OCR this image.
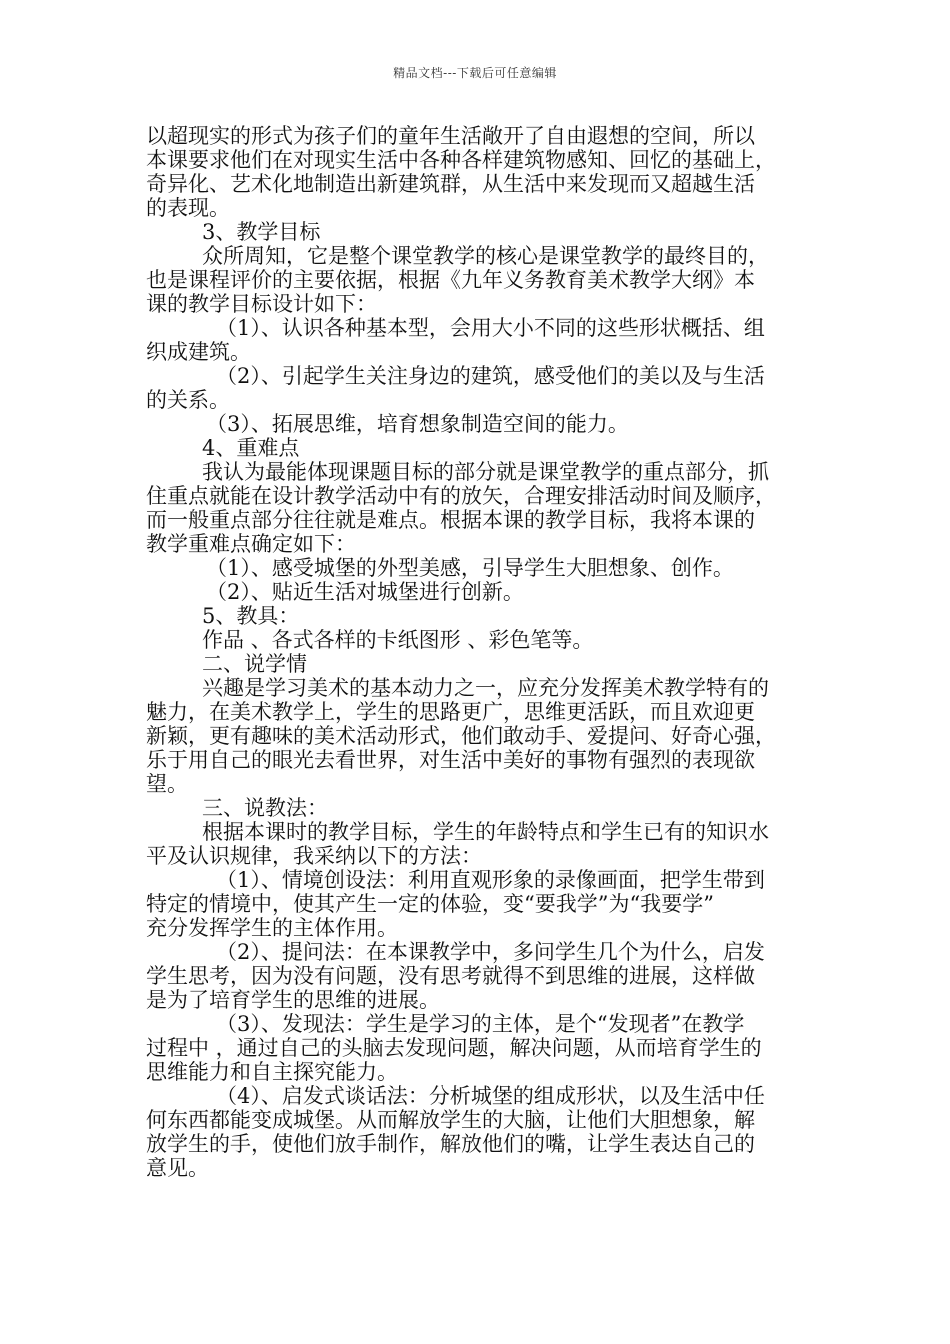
精品文档---下载后可任意编辑

以超现实的形式为孩子们的童年生活敞开了自由遐想的空间，所以

本课要求他们在对现实生活中各种各样建筑物感知、回忆的基础上，

奇异化、艺术化地制造出新建筑群，从生活中来发现而又超越生活

的表现。

3、教学目标

众所周知，它是整个课堂教学的核心是课堂教学的最终目的，

也是课程评价的主要依据，根据《九年义务教育美术教学大纲》本

课的教学目标设计如下：

（1）、认识各种基本型，会用大小不同的这些形状概括、组

织成建筑。

（2）、引起学生关注身边的建筑，感受他们的美以及与生活

的关系。

（3）、拓展思维，培育想象制造空间的能力。

4、重难点

我认为最能体现课题目标的部分就是课堂教学的重点部分，抓

住重点就能在设计教学活动中有的放矢，合理安排活动时间及顺序，

而一般重点部分往往就是难点。根据本课的教学目标，我将本课的

教学重难点确定如下：

（1）、感受城堡的外型美感，引导学生大胆想象、创作。

（2）、贴近生活对城堡进行创新。

5、教具：

作品 、各式各样的卡纸图形 、彩色笔等。

二、说学情

兴趣是学习美术的基本动力之一，应充分发挥美术教学特有的

魅力，在美术教学上，学生的思路更广，思维更活跃，而且欢迎更

新颖，更有趣味的美术活动形式，他们敢动手、爱提问、好奇心强，

乐于用自己的眼光去看世界，对生活中美好的事物有强烈的表现欲

望。

三、说教法：

根据本课时的教学目标，学生的年龄特点和学生已有的知识水

平及认识规律，我采纳以下的方法：

（1）、情境创设法：利用直观形象的录像画面，把学生带到

特定的情境中，使其产生一定的体验，变“要我学”为“我要学”

充分发挥学生的主体作用。

（2）、提问法：在本课教学中，多问学生几个为什么，启发

学生思考，因为没有问题，没有思考就得不到思维的进展，这样做

是为了培育学生的思维的进展。

（3）、发现法：学生是学习的主体，是个“发现者”在教学

过程中 ，通过自己的头脑去发现问题，解决问题，从而培育学生的

思维能力和自主探究能力。

（4）、启发式谈话法：分析城堡的组成形状，以及生活中任

何东西都能变成城堡。从而解放学生的大脑，让他们大胆想象，解

放学生的手，使他们放手制作，解放他们的嘴，让学生表达自己的

意见。
